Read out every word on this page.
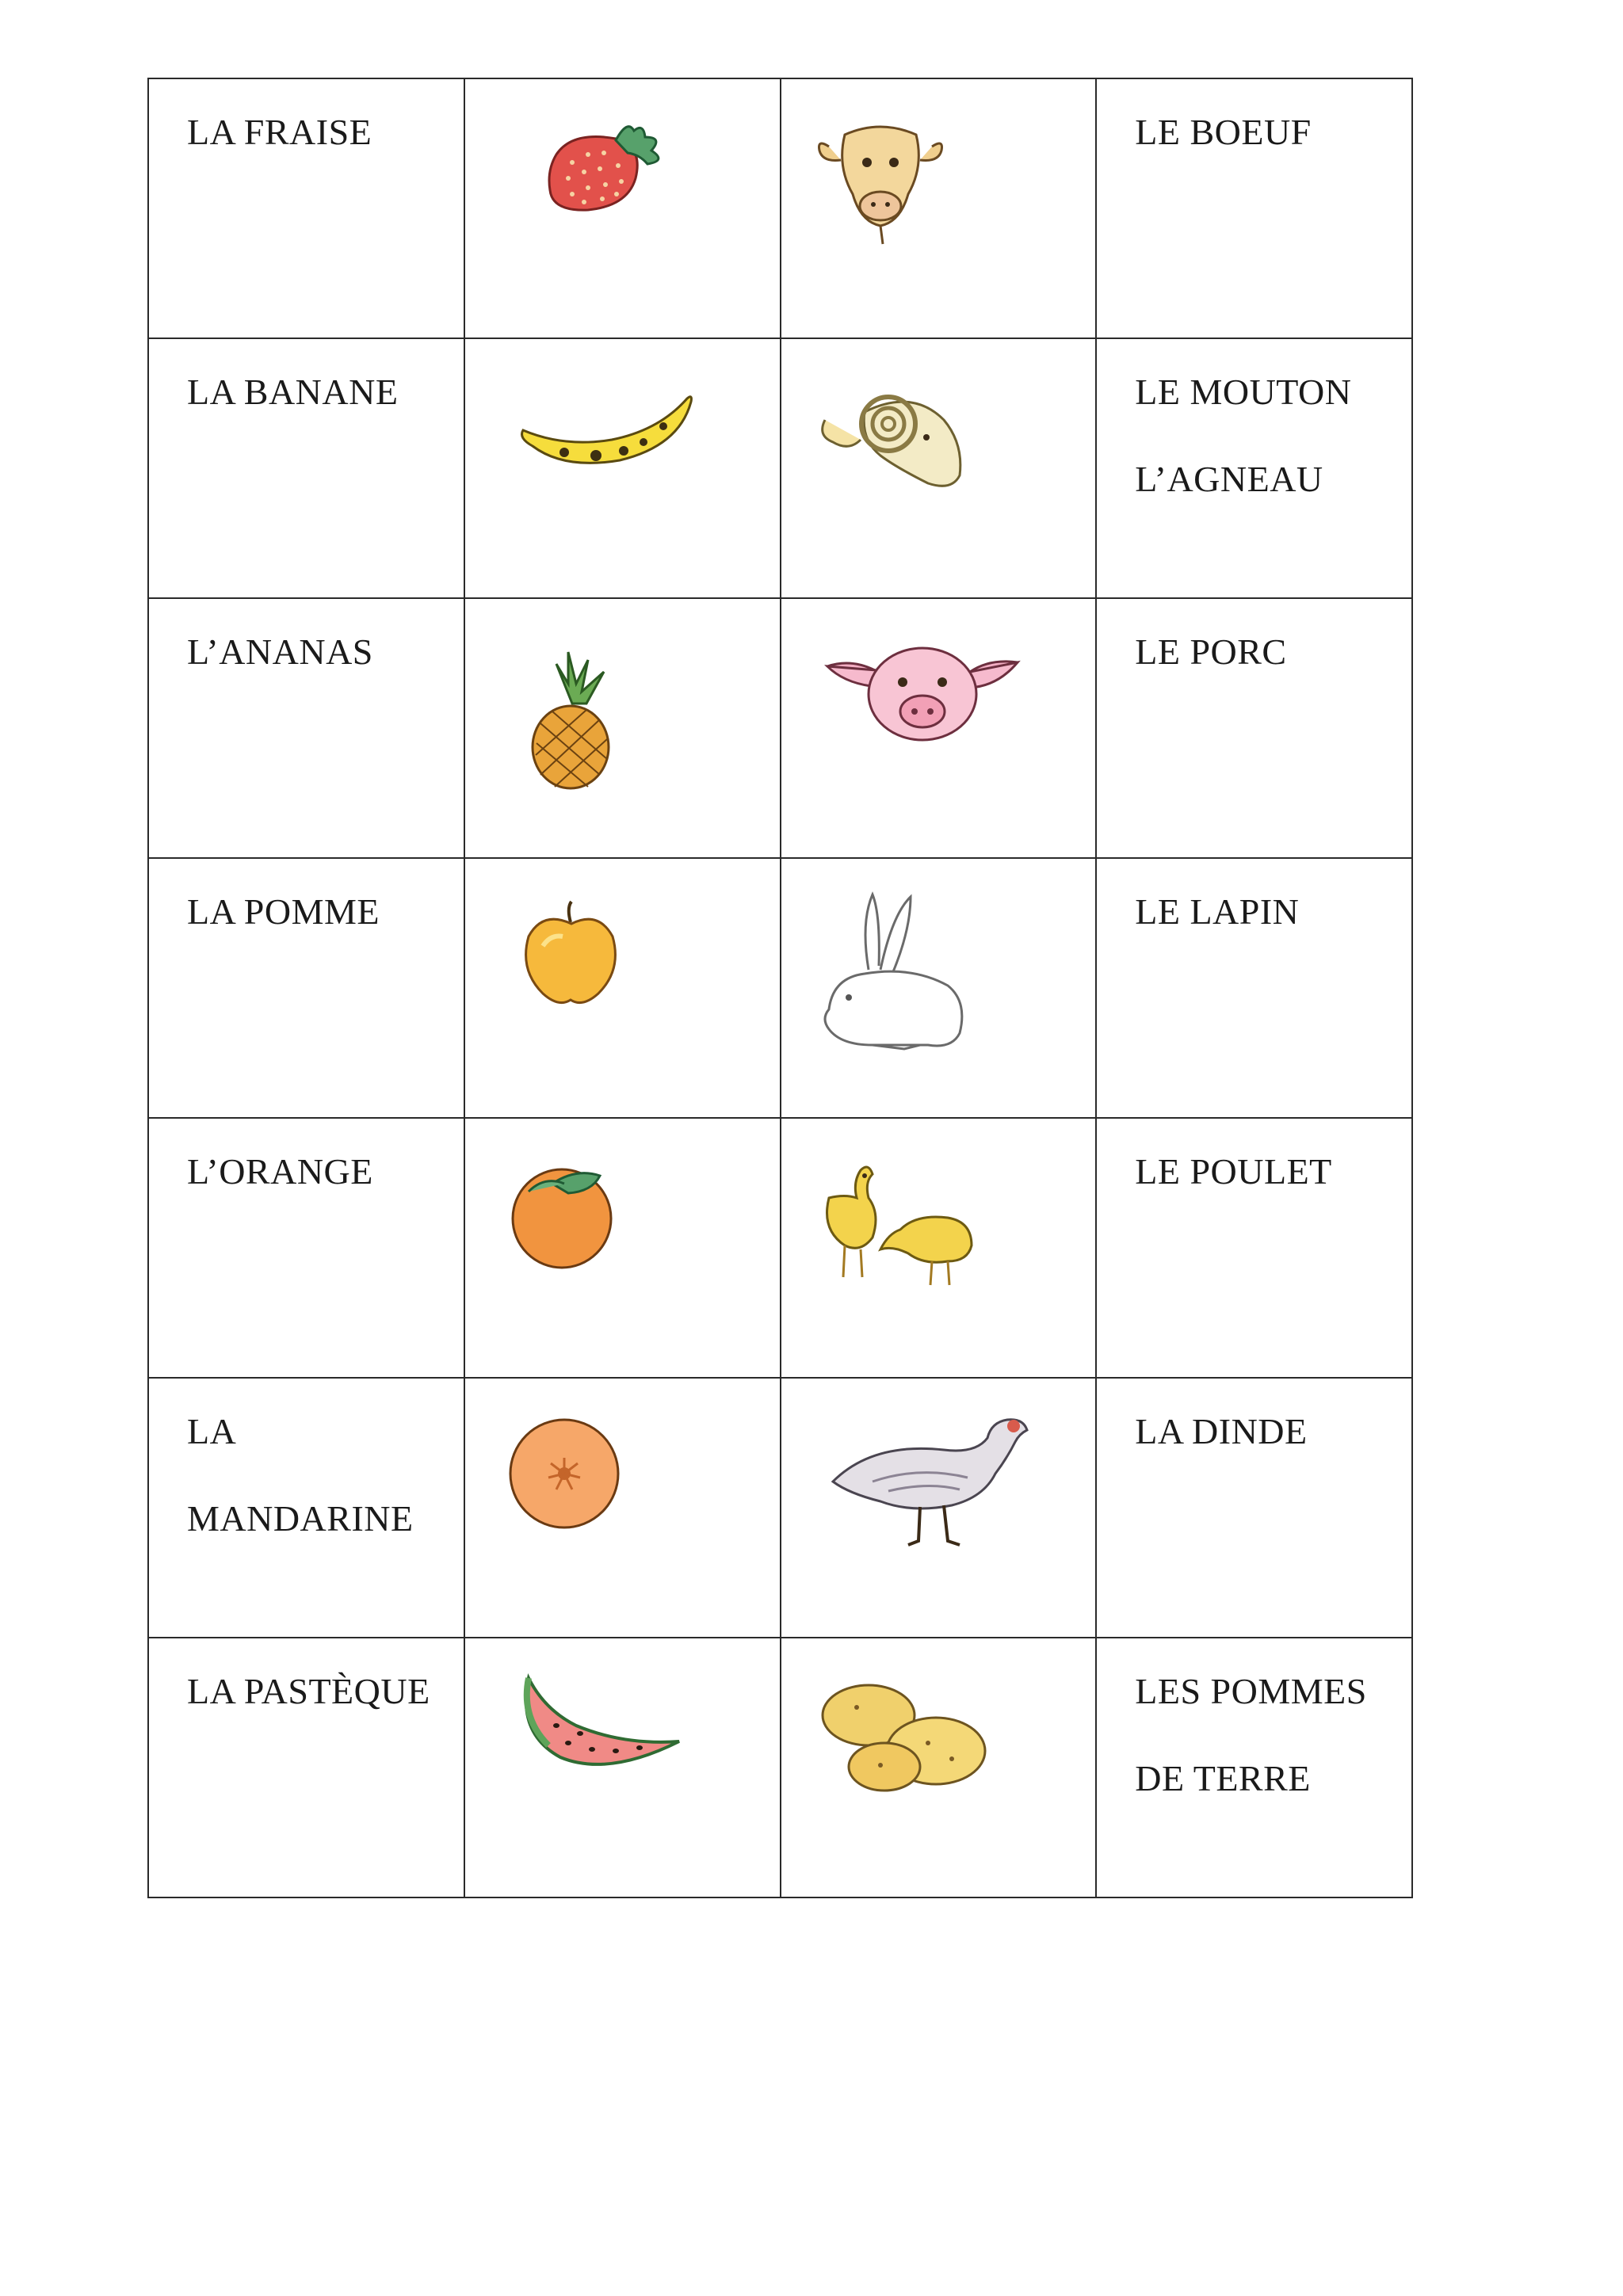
LA FRAISE			LE BOEUF

LA BANANE			LE MOUTON
L’AGNEAU

L’ANANAS			LE PORC

LA POMME			LE LAPIN

L’ORANGE			LE POULET

LA
MANDARINE			LA DINDE

LA PASTÈQUE			LES POMMES
DE TERRE
